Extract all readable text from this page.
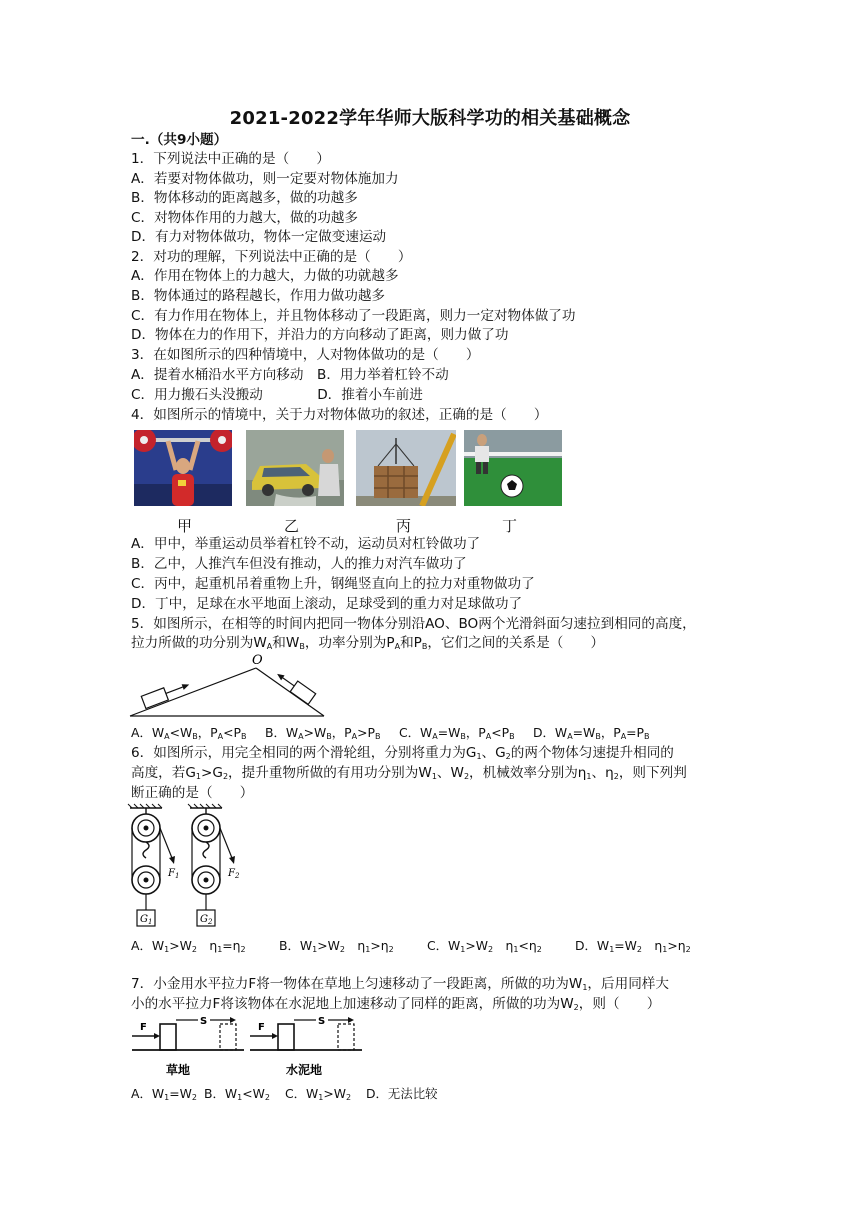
2021-2022学年华师大版科学功的相关基础概念
一.（共9小题）
1．下列说法中正确的是（　　）
A．若要对物体做功，则一定要对物体施加力
B．物体移动的距离越多，做的功越多
C．对物体作用的力越大，做的功越多
D．有力对物体做功，物体一定做变速运动
2．对功的理解，下列说法中正确的是（　　）
A．作用在物体上的力越大，力做的功就越多
B．物体通过的路程越长，作用力做功越多
C．有力作用在物体上，并且物体移动了一段距离，则力一定对物体做了功
D．物体在力的作用下，并沿力的方向移动了距离，则力做了功
3．在如图所示的四种情境中，人对物体做功的是（　　）
A．提着水桶沿水平方向移动　B．用力举着杠铃不动
C．用力搬石头没搬动　　　　D．推着小车前进
4．如图所示的情境中，关于力对物体做功的叙述，正确的是（　　）
甲	乙	丙	丁
A．甲中，举重运动员举着杠铃不动，运动员对杠铃做功了
B．乙中，人推汽车但没有推动，人的推力对汽车做功了
C．丙中，起重机吊着重物上升，钢绳竖直向上的拉力对重物做功了
D．丁中，足球在水平地面上滚动，足球受到的重力对足球做功了
5．如图所示，在相等的时间内把同一物体分别沿AO、BO两个光滑斜面匀速拉到相同的高度，
拉力所做的功分别为$W_A$和$W_B$，功率分别为$P_A$和$P_B$，它们之间的关系是（　　）
O
A．$W_A<W_B$，$P_A<P_B$ B．$W_A>W_B$，$P_A>P_B$ C．$W_A=W_B$，$P_A<P_B$ D．$W_A=W_B$，$P_A=P_B$
6．如图所示，用完全相同的两个滑轮组，分别将重力为$G_1$、$G_2$的两个物体匀速提升相同的
高度，若$G_1>G_2$，提升重物所做的有用功分别为$W_1$、$W_2$，机械效率分别为$\eta_1$、$\eta_2$，则下列判
断正确的是（　　）
$F_1$
$G_1$
$F_2$
$G_2$
A．$W_1>W_2$　$\eta_1=\eta_2$	B．$W_1>W_2$　$\eta_1>\eta_2$	C．$W_1>W_2$　$\eta_1<\eta_2$	D．$W_1=W_2$　$\eta_1>\eta_2$
7．小金用水平拉力F将一物体在草地上匀速移动了一段距离，所做的功为$W_1$，后用同样大
小的水平拉力F将该物体在水泥地上加速移动了同样的距离，所做的功为$W_2$，则（　　）
F
S
草地
F
S
水泥地
A．$W_1=W_2$ B．$W_1<W_2$ C．$W_1>W_2$ D．无法比较
